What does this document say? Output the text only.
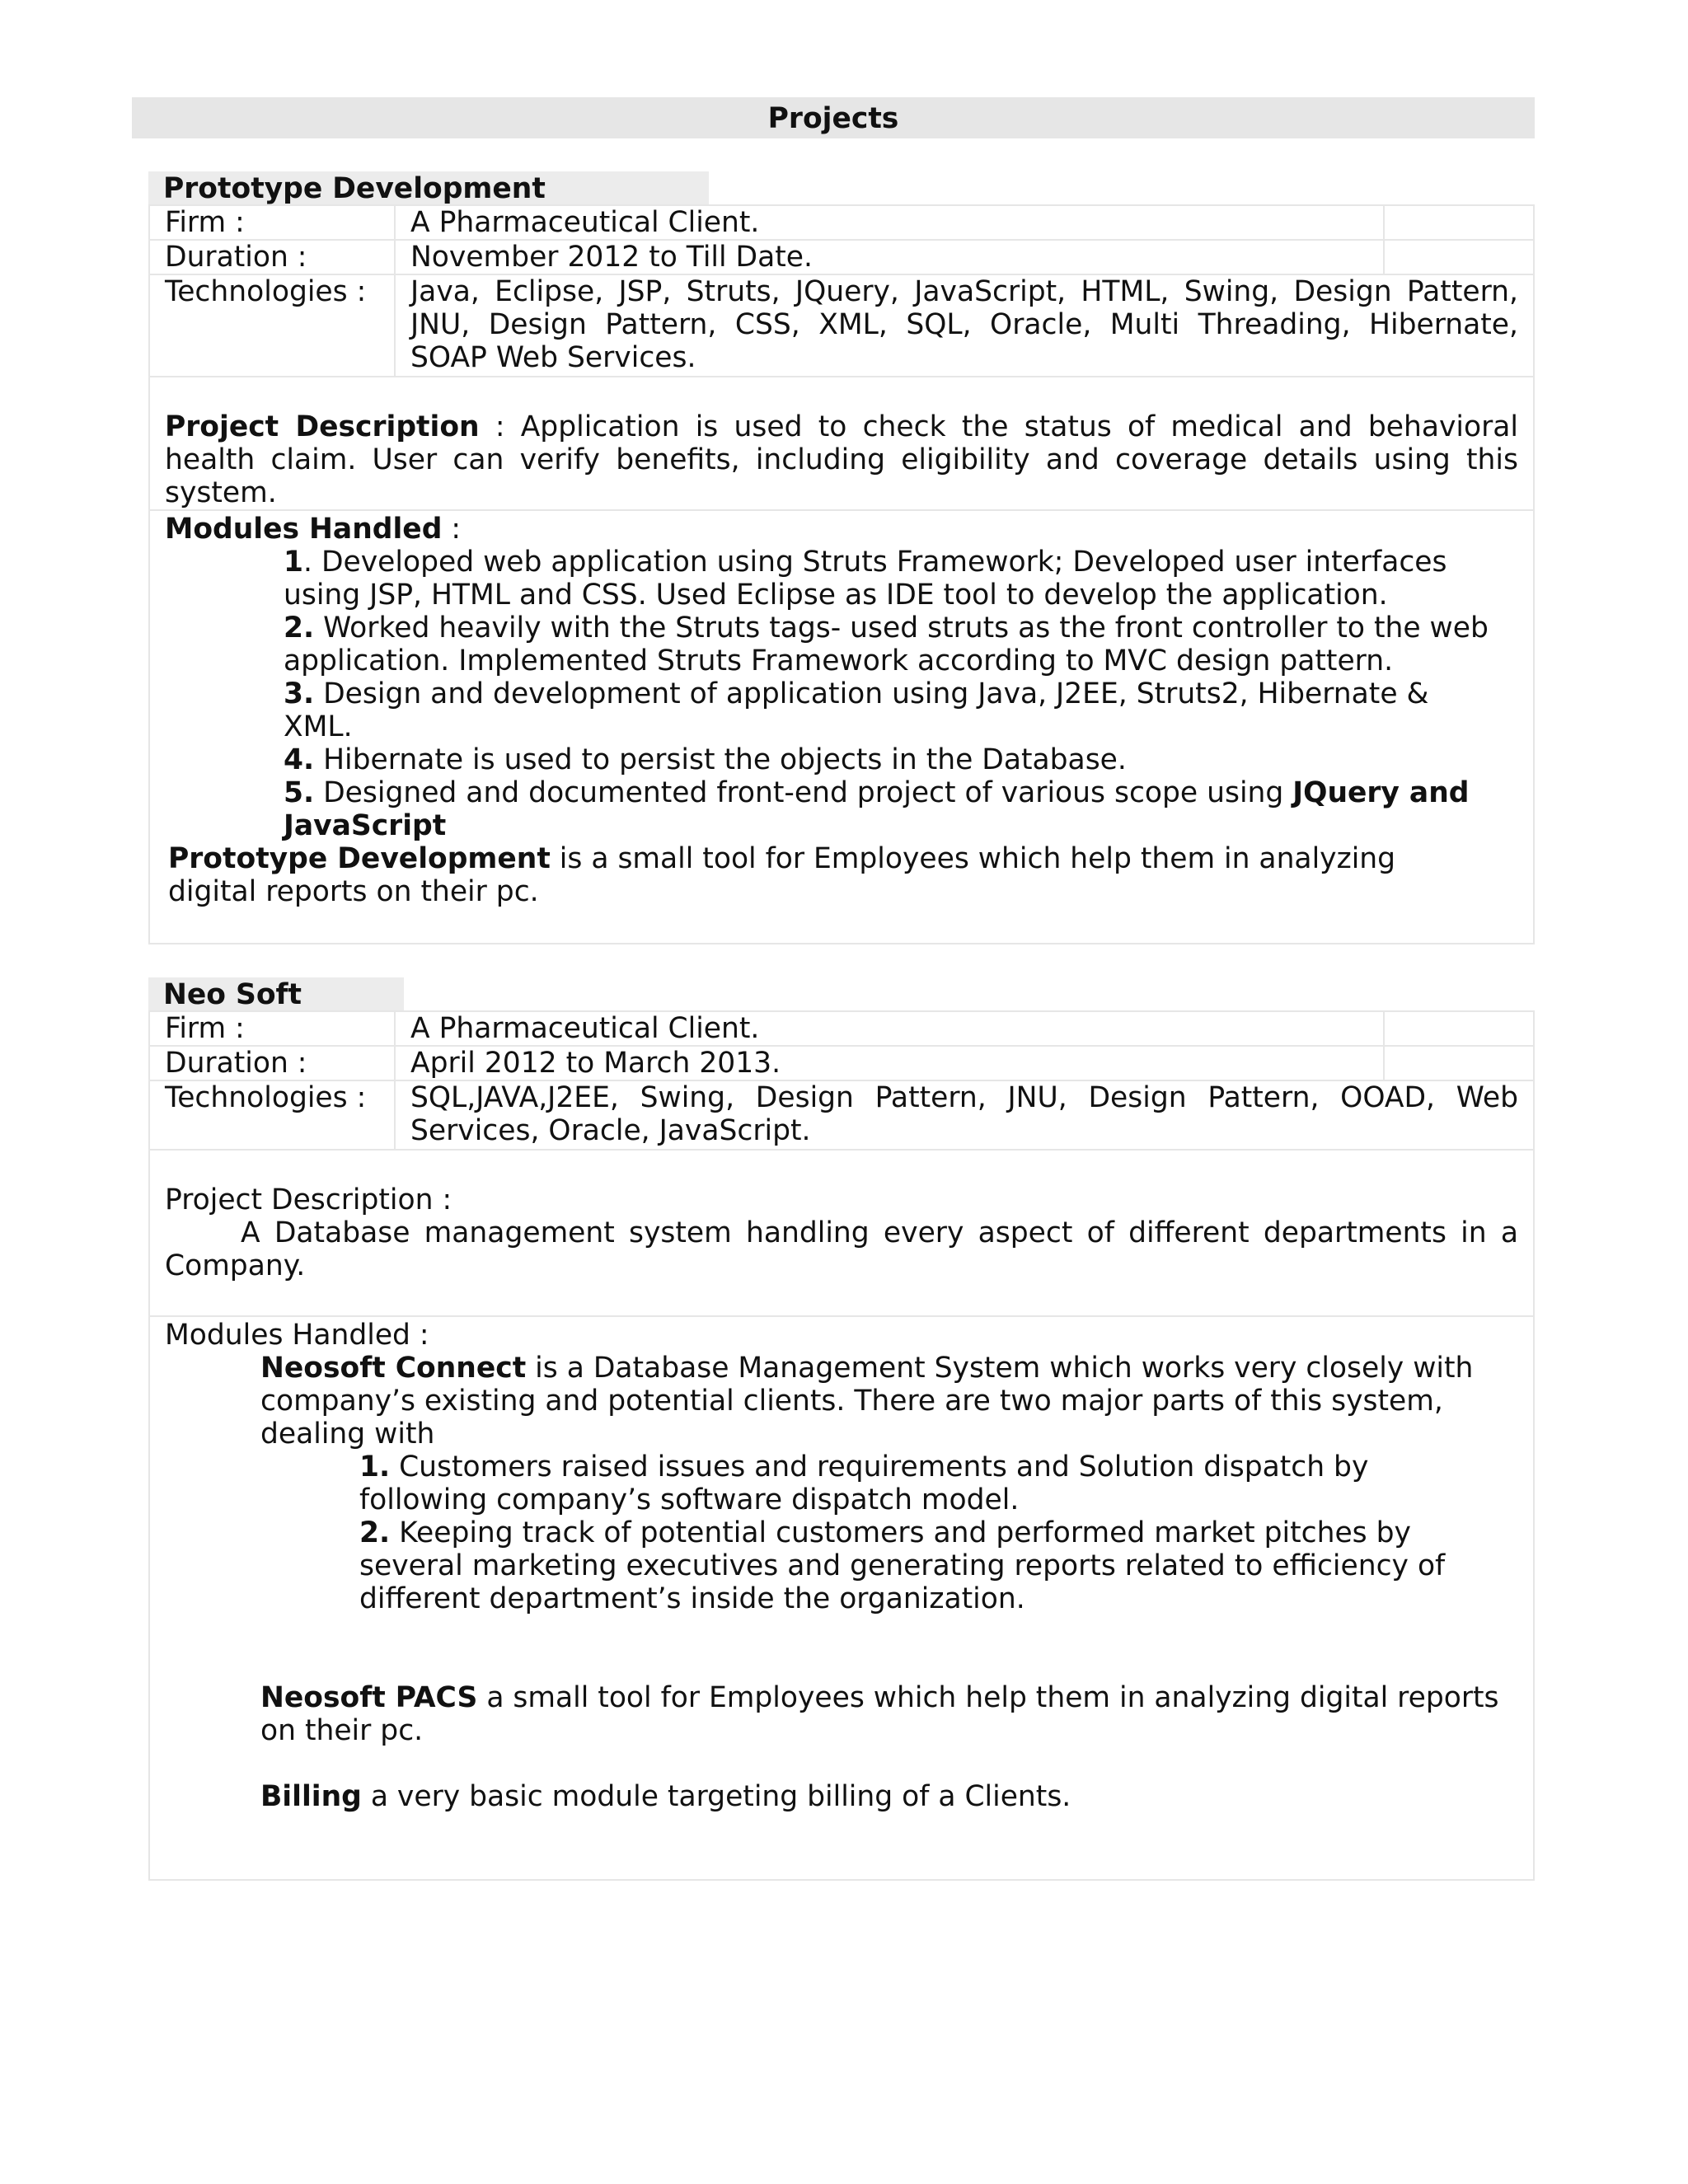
Projects
Prototype Development
Firm :	A Pharmaceutical Client.
Duration :	November 2012 to Till Date.
Technologies : Java, Eclipse, JSP, Struts, JQuery, JavaScript, HTML, Swing, Design Pattern, JNU, Design Pattern, CSS, XML, SQL, Oracle, Multi Threading, Hibernate, SOAP Web Services.

Project Description : Application is used to check the status of medical and behavioral health claim. User can verify benefits, including eligibility and coverage details using this system.

Modules Handled :

1. Developed web application using Struts Framework; Developed user interfaces using JSP, HTML and CSS. Used Eclipse as IDE tool to develop the application.

2. Worked heavily with the Struts tags- used struts as the front controller to the web application. Implemented Struts Framework according to MVC design pattern.

3. Design and development of application using Java, J2EE, Struts2, Hibernate & XML.

4. Hibernate is used to persist the objects in the Database.

5. Designed and documented front-end project of various scope using JQuery and JavaScript

Prototype Development is a small tool for Employees which help them in analyzing digital reports on their pc.

Neo Soft
Firm :	A Pharmaceutical Client.
Duration :	April 2012 to March 2013.
Technologies : SQL,JAVA,J2EE, Swing, Design Pattern, JNU, Design Pattern, OOAD, Web Services, Oracle, JavaScript.

Project Description :

A Database management system handling every aspect of different departments in a Company.

Modules Handled :

Neosoft Connect is a Database Management System which works very closely with company’s existing and potential clients. There are two major parts of this system, dealing with

1. Customers raised issues and requirements and Solution dispatch by following company’s software dispatch model.

2. Keeping track of potential customers and performed market pitches by several marketing executives and generating reports related to efficiency of different department’s inside the organization.

Neosoft PACS a small tool for Employees which help them in analyzing digital reports on their pc.

Billing a very basic module targeting billing of a Clients.
